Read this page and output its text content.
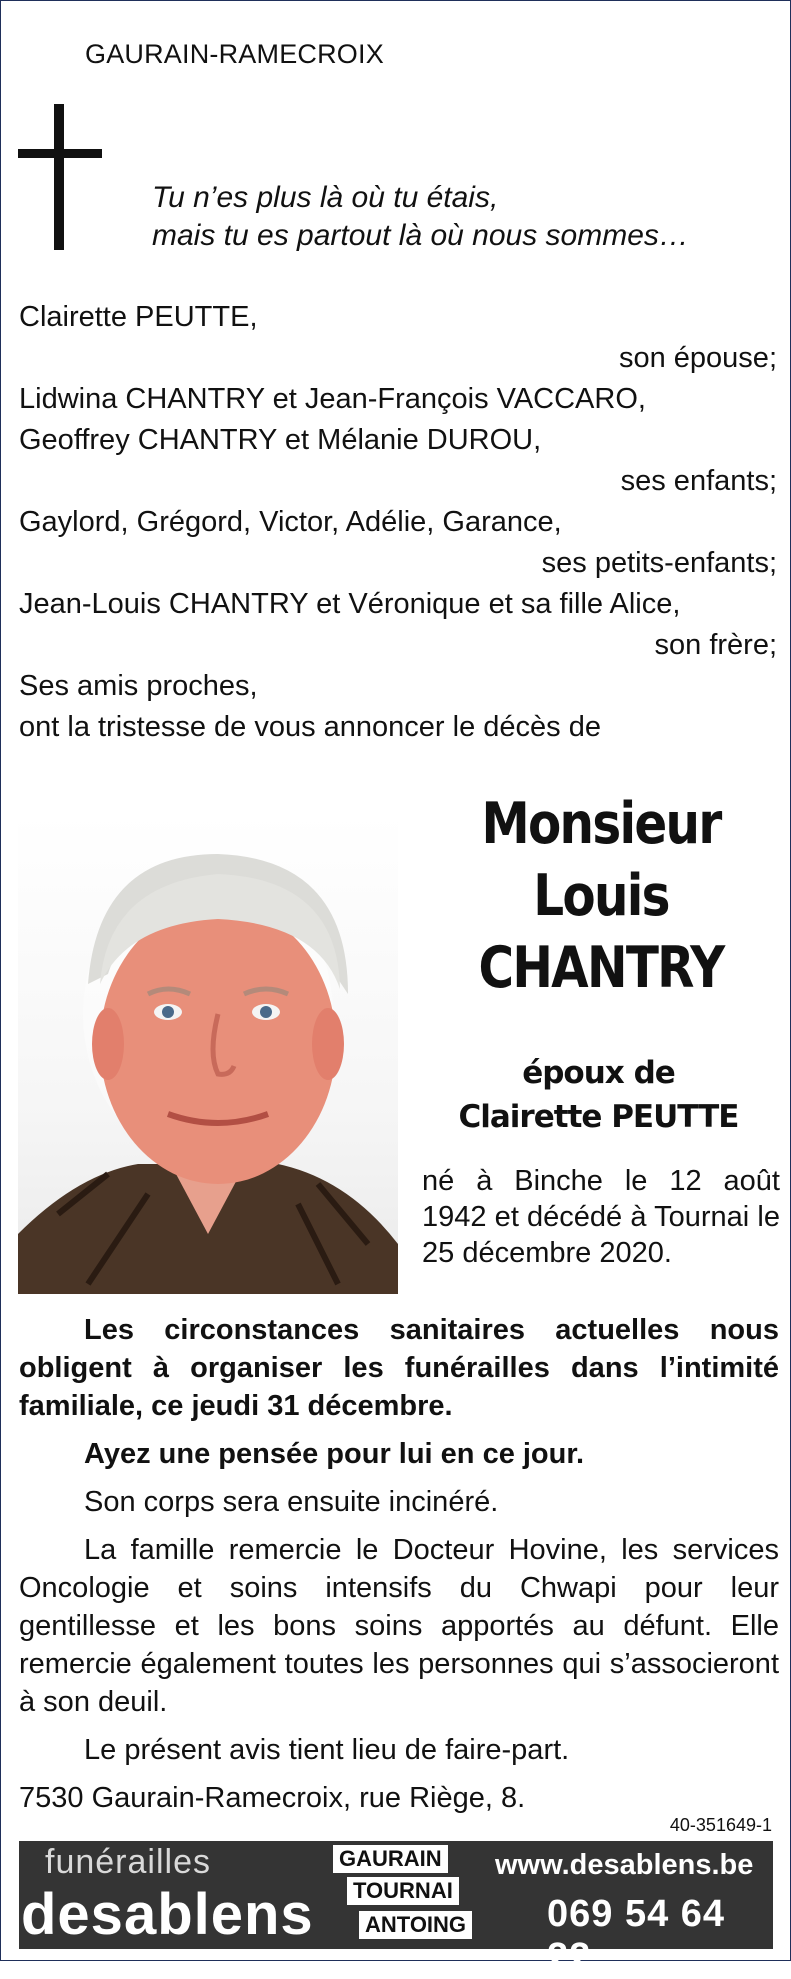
GAURAIN-RAMECROIX
Tu n’es plus là où tu étais,
mais tu es partout là où nous sommes…
Clairette PEUTTE,
son épouse;
Lidwina CHANTRY et Jean-François VACCARO,
Geoffrey CHANTRY et Mélanie DUROU,
ses enfants;
Gaylord, Grégord, Victor, Adélie, Garance,
ses petits-enfants;
Jean-Louis CHANTRY et Véronique et sa fille Alice,
son frère;
Ses amis proches,
ont la tristesse de vous annoncer le décès de
Monsieur
Louis
CHANTRY
époux de
Clairette PEUTTE
né à Binche le 12 août 1942 et décédé à Tournai le 25 décembre 2020.

Les circonstances sanitaires actuelles nous obligent à organiser les funérailles dans l’intimité familiale, ce jeudi 31 décembre.

Ayez une pensée pour lui en ce jour.

Son corps sera ensuite incinéré.

La famille remercie le Docteur Hovine, les services Oncologie et soins intensifs du Chwapi pour leur gentillesse et les bons soins apportés au défunt. Elle remercie également toutes les personnes qui s’associeront à son deuil.

Le présent avis tient lieu de faire-part.

7530 Gaurain-Ramecroix, rue Riège, 8.

40-351649-1
funérailles
desablens
GAURAIN
TOURNAI
ANTOING
www.desablens.be
069 54 64 22
